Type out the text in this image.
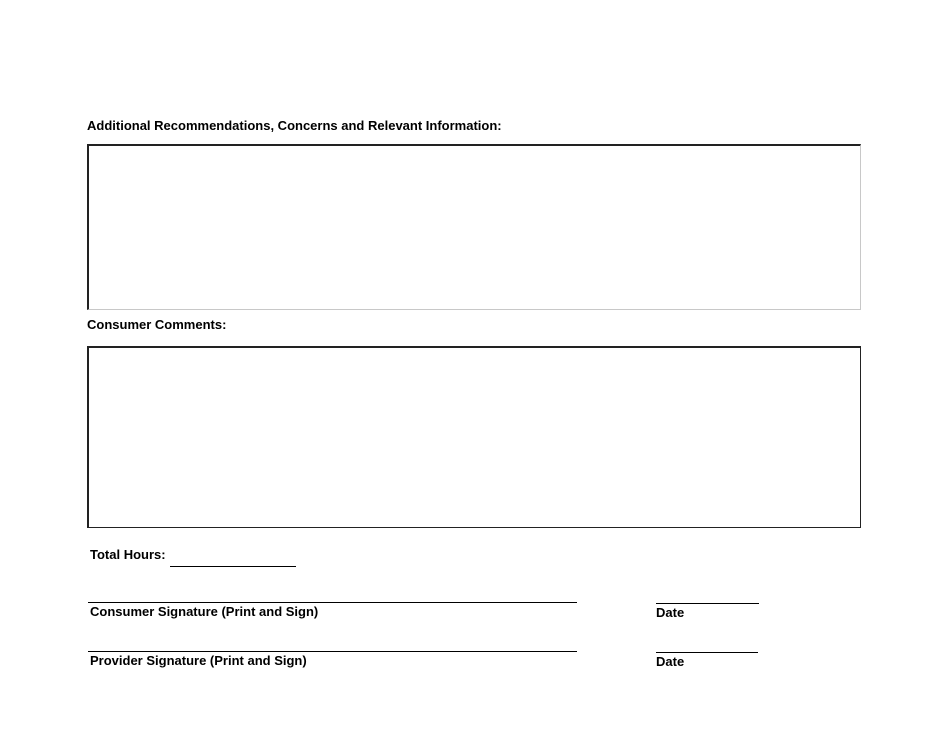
Additional Recommendations, Concerns and Relevant Information:
Consumer Comments:
Total Hours:
Consumer Signature (Print and Sign)	Date
Provider Signature (Print and Sign)	Date
